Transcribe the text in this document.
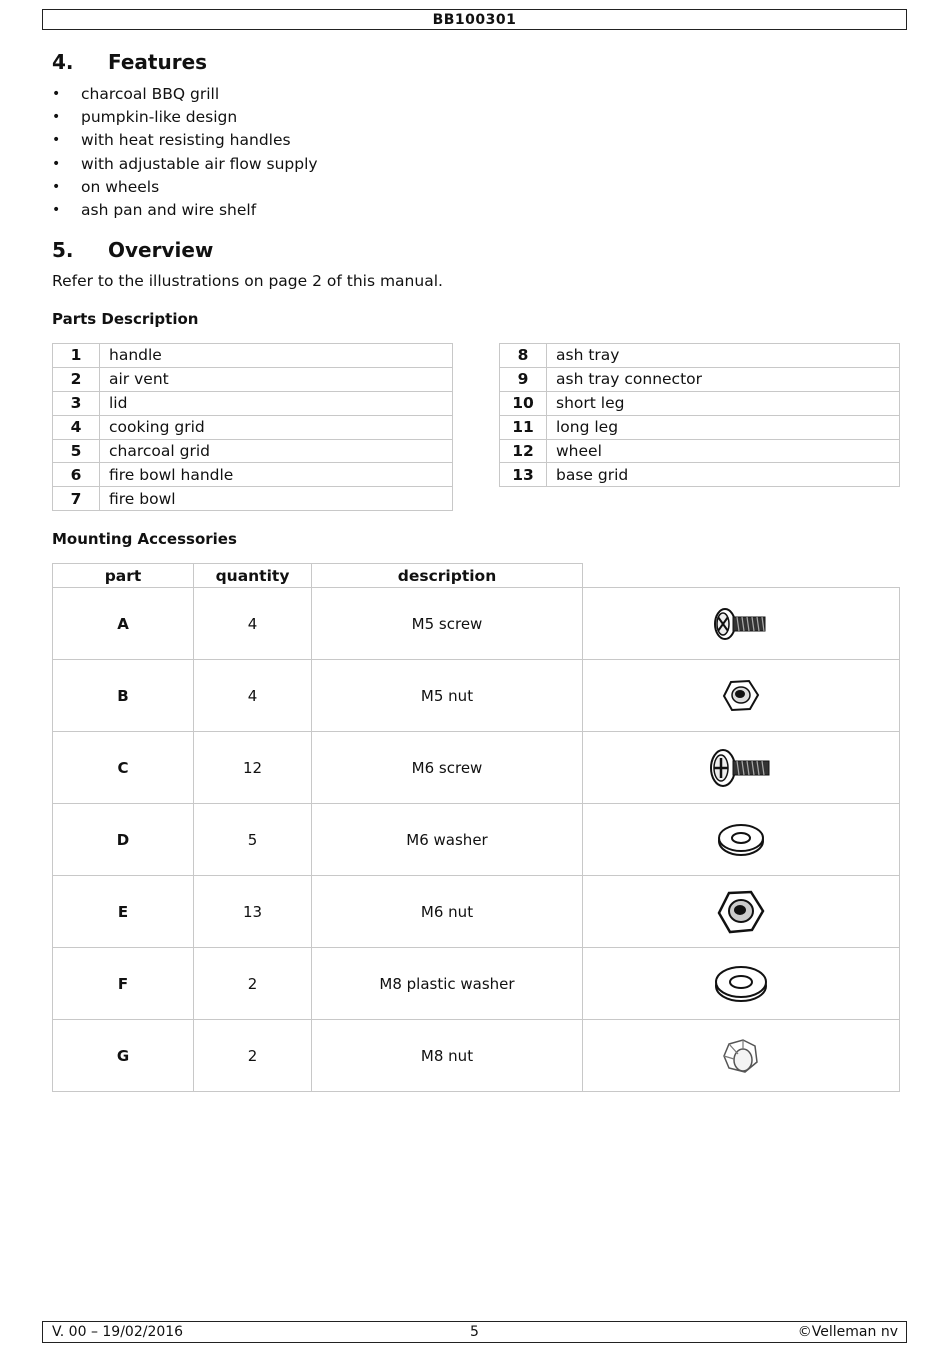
BB100301
4. Features
• charcoal BBQ grill
• pumpkin-like design
• with heat resisting handles
• with adjustable air flow supply
• on wheels
• ash pan and wire shelf
5. Overview
Refer to the illustrations on page 2 of this manual.
Parts Description
1	handle
2	air vent
3	lid
4	cooking grid
5	charcoal grid
6	fire bowl handle
7	fire bowl
8	ash tray
9	ash tray connector
10	short leg
11	long leg
12	wheel
13	base grid
Mounting Accessories
part	quantity	description	
A	4	M5 screw	

B	4	M5 nut	

C	12	M6 screw	

D	5	M6 washer	

E	13	M6 nut	

F	2	M8 plastic washer	

G	2	M8 nut	
V. 00 – 19/02/2016	5	©Velleman nv
